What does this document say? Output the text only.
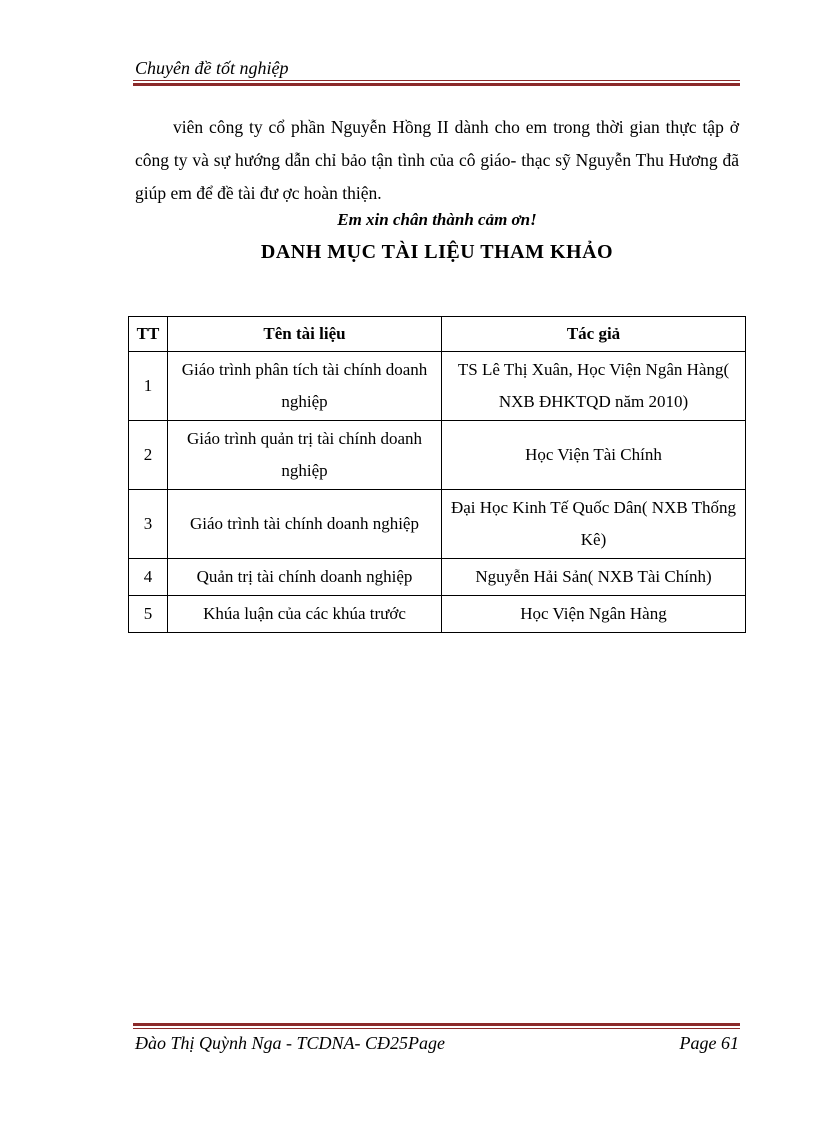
Chuyên đề tốt nghiệp
viên công ty cổ phần Nguyễn Hồng II dành cho em trong thời gian thực tập ở công ty và sự hướng dẫn chỉ bảo tận tình của cô giáo- thạc sỹ Nguyễn Thu Hương đã giúp em để đề tài đư ợc hoàn thiện.
Em xin chân thành cảm ơn!
DANH MỤC TÀI LIỆU THAM KHẢO
TT	Tên tài liệu	Tác giả
1	Giáo trình phân tích tài chính doanh nghiệp	TS Lê Thị Xuân, Học Viện Ngân Hàng( NXB ĐHKTQD năm 2010)
2	Giáo trình quản trị tài chính doanh nghiệp	Học Viện Tài Chính
3	Giáo trình tài chính doanh nghiệp	Đại Học Kinh Tế Quốc Dân( NXB Thống Kê)
4	Quản trị tài chính doanh nghiệp	Nguyễn Hải Sản( NXB Tài Chính)
5	Khúa luận của các khúa trước	Học Viện Ngân Hàng
Đào Thị Quỳnh Nga - TCDNA- CĐ25Page	Page 61
